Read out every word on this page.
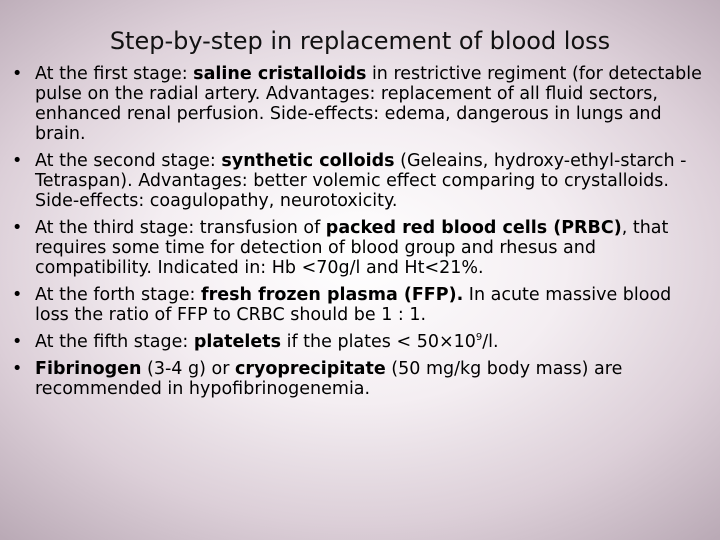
Step-by-step in replacement of blood loss
• At the first stage: saline cristalloids in restrictive regiment (for detectable pulse on the radial artery. Advantages: replacement of all fluid sectors, enhanced renal perfusion. Side-effects: edema, dangerous in lungs and brain.
• At the second stage: synthetic colloids (Geleains, hydroxy-ethyl-starch - Tetraspan). Advantages: better volemic effect comparing to crystalloids. Side-effects: coagulopathy, neurotoxicity.
• At the third stage: transfusion of packed red blood cells (PRBC), that requires some time for detection of blood group and rhesus and compatibility. Indicated in: Hb <70g/l and Ht<21%.
• At the forth stage: fresh frozen plasma (FFP). In acute massive blood loss the ratio of FFP to CRBC should be 1 : 1.
• At the fifth stage: platelets if the plates < $50\times 10^9/l$.
• Fibrinogen (3-4 g) or cryoprecipitate (50 mg/kg body mass) are recommended in hypofibrinogenemia.
